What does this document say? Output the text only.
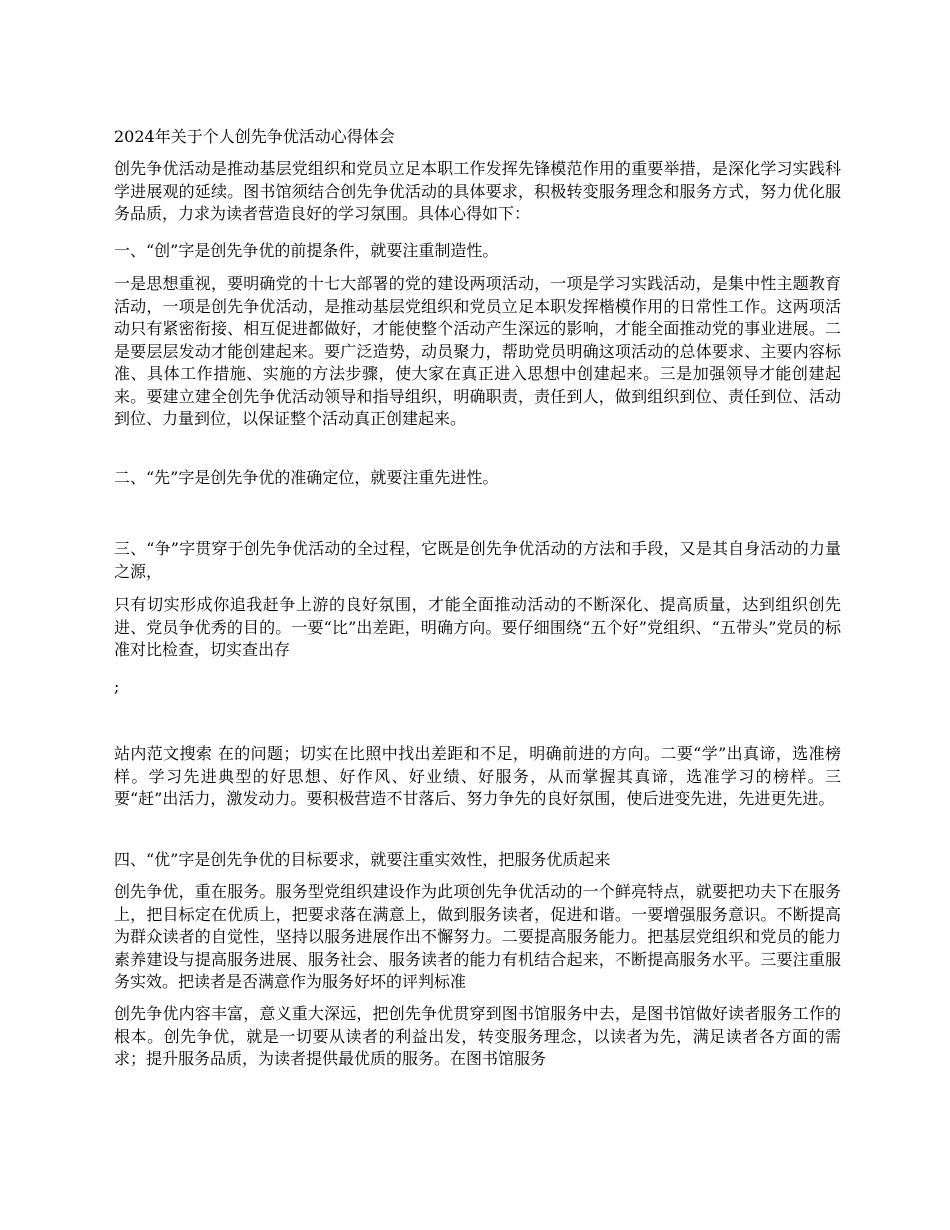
2024年关于个人创先争优活动心得体会

创先争优活动是推动基层党组织和党员立足本职工作发挥先锋模范作用的重要举措，是深化学习实践科学进展观的延续。图书馆须结合创先争优活动的具体要求，积极转变服务理念和服务方式，努力优化服务品质，力求为读者营造良好的学习氛围。具体心得如下：

一、“创”字是创先争优的前提条件，就要注重制造性。

一是思想重视，要明确党的十七大部署的党的建设两项活动，一项是学习实践活动，是集中性主题教育活动，一项是创先争优活动，是推动基层党组织和党员立足本职发挥楷模作用的日常性工作。这两项活动只有紧密衔接、相互促进都做好，才能使整个活动产生深远的影响，才能全面推动党的事业进展。二是要层层发动才能创建起来。要广泛造势，动员聚力，帮助党员明确这项活动的总体要求、主要内容标准、具体工作措施、实施的方法步骤，使大家在真正进入思想中创建起来。三是加强领导才能创建起来。要建立建全创先争优活动领导和指导组织，明确职责，责任到人，做到组织到位、责任到位、活动到位、力量到位，以保证整个活动真正创建起来。

二、“先”字是创先争优的准确定位，就要注重先进性。

三、“争”字贯穿于创先争优活动的全过程，它既是创先争优活动的方法和手段，又是其自身活动的力量之源，

只有切实形成你追我赶争上游的良好氛围，才能全面推动活动的不断深化、提高质量，达到组织创先进、党员争优秀的目的。一要“比”出差距，明确方向。要仔细围绕“五个好”党组织、“五带头”党员的标准对比检查，切实查出存

;

站内范文搜索 在的问题；切实在比照中找出差距和不足，明确前进的方向。二要“学”出真谛，选准榜样。学习先进典型的好思想、好作风、好业绩、好服务，从而掌握其真谛，选准学习的榜样。三要“赶”出活力，激发动力。要积极营造不甘落后、努力争先的良好氛围，使后进变先进，先进更先进。

四、“优”字是创先争优的目标要求，就要注重实效性，把服务优质起来

创先争优，重在服务。服务型党组织建设作为此项创先争优活动的一个鲜亮特点，就要把功夫下在服务上，把目标定在优质上，把要求落在满意上，做到服务读者，促进和谐。一要增强服务意识。不断提高为群众读者的自觉性，坚持以服务进展作出不懈努力。二要提高服务能力。把基层党组织和党员的能力素养建设与提高服务进展、服务社会、服务读者的能力有机结合起来，不断提高服务水平。三要注重服务实效。把读者是否满意作为服务好坏的评判标准

创先争优内容丰富，意义重大深远，把创先争优贯穿到图书馆服务中去，是图书馆做好读者服务工作的根本。创先争优，就是一切要从读者的利益出发，转变服务理念，以读者为先，满足读者各方面的需求；提升服务品质，为读者提供最优质的服务。在图书馆服务
